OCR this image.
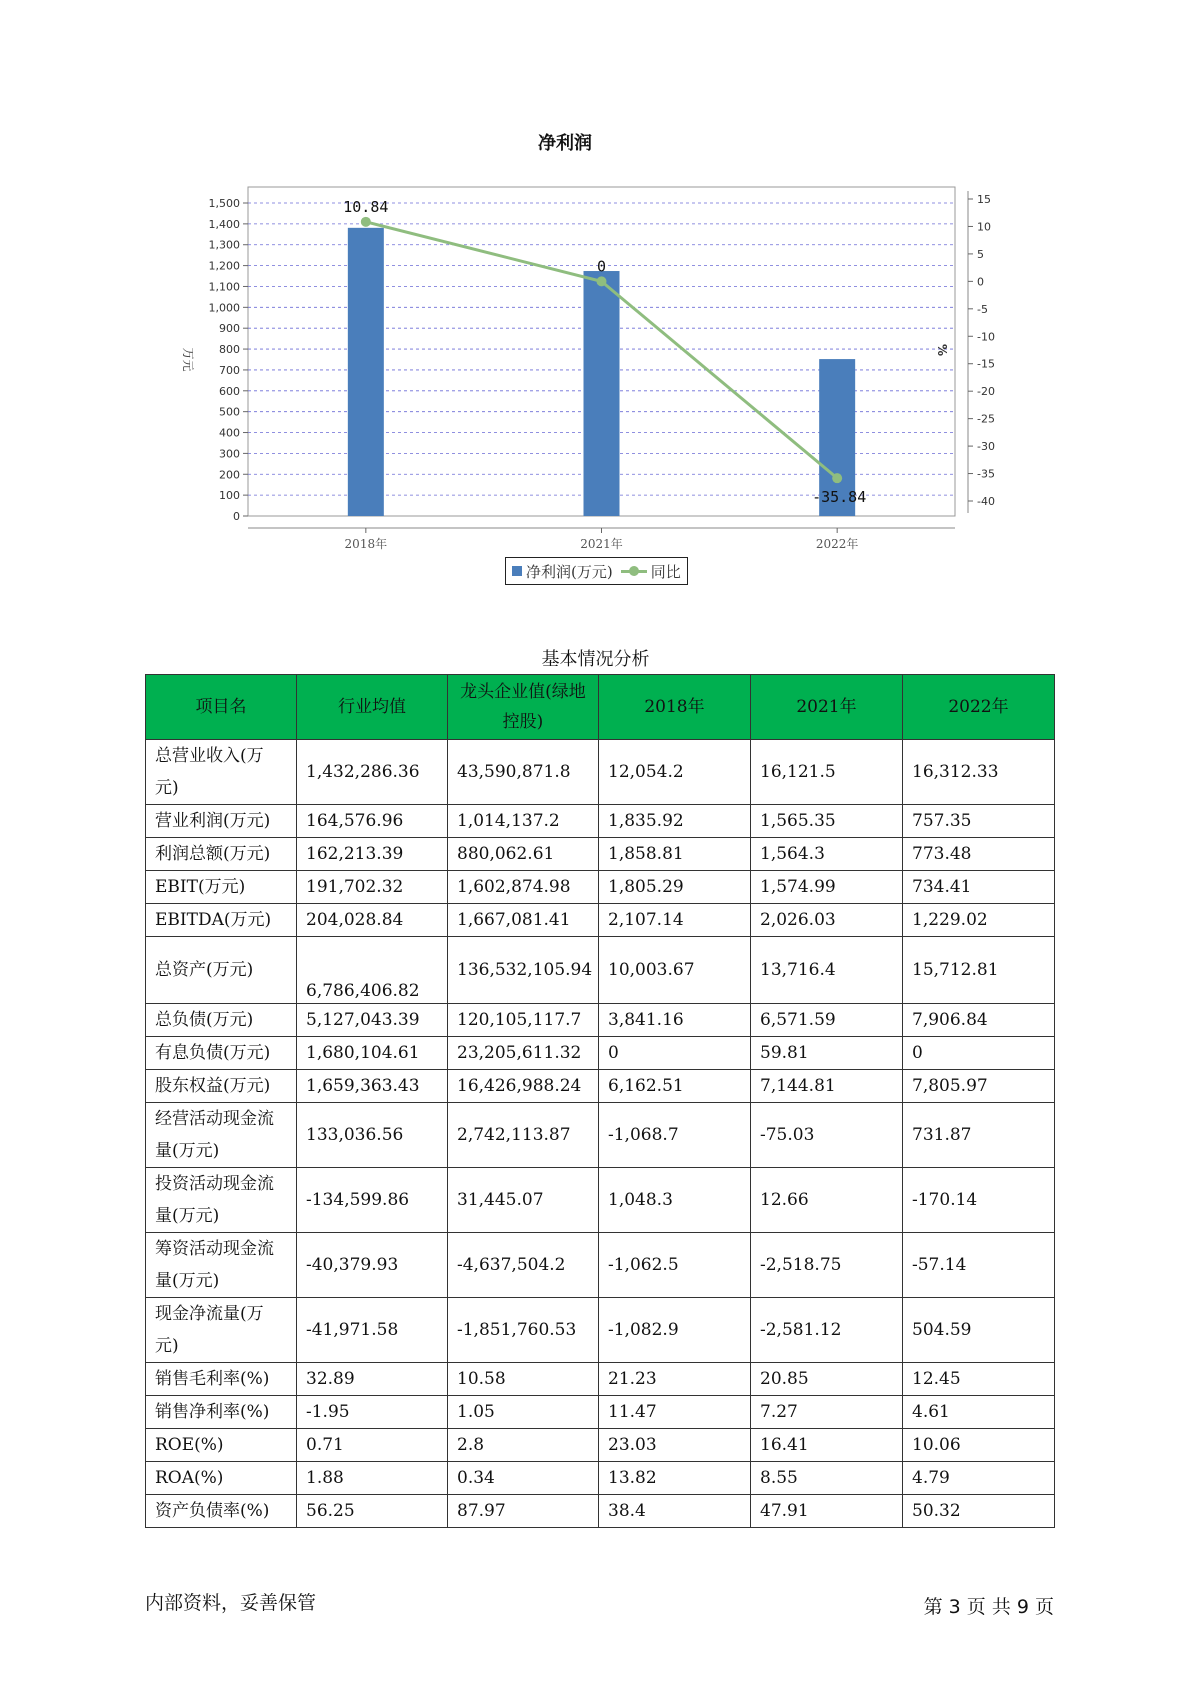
净利润
0
100
200
300
400
500
600
700
800
900
1,000
1,100
1,200
1,300
1,400
1,500
万元
15
10
5
0
-5
-10
-15
-20
-25
-30
-35
-40
%
2018年	2021年	2022年
10.84
0
-35.84
净利润(万元)	同比
基本情况分析
项目名	行业均值	龙头企业值(绿地控股)	2018年	2021年	2022年
总营业收入(万元)	1,432,286.36	43,590,871.8	12,054.2	16,121.5	16,312.33
营业利润(万元)	164,576.96	1,014,137.2	1,835.92	1,565.35	757.35
利润总额(万元)	162,213.39	880,062.61	1,858.81	1,564.3	773.48
EBIT(万元)	191,702.32	1,602,874.98	1,805.29	1,574.99	734.41
EBITDA(万元)	204,028.84	1,667,081.41	2,107.14	2,026.03	1,229.02
总资产(万元)	6,786,406.82	136,532,105.94	10,003.67	13,716.4	15,712.81
总负债(万元)	5,127,043.39	120,105,117.7	3,841.16	6,571.59	7,906.84
有息负债(万元)	1,680,104.61	23,205,611.32	0	59.81	0
股东权益(万元)	1,659,363.43	16,426,988.24	6,162.51	7,144.81	7,805.97
经营活动现金流量(万元)	133,036.56	2,742,113.87	-1,068.7	-75.03	731.87
投资活动现金流量(万元)	-134,599.86	31,445.07	1,048.3	12.66	-170.14
筹资活动现金流量(万元)	-40,379.93	-4,637,504.2	-1,062.5	-2,518.75	-57.14
现金净流量(万元)	-41,971.58	-1,851,760.53	-1,082.9	-2,581.12	504.59
销售毛利率(%)	32.89	10.58	21.23	20.85	12.45
销售净利率(%)	-1.95	1.05	11.47	7.27	4.61
ROE(%)	0.71	2.8	23.03	16.41	10.06
ROA(%)	1.88	0.34	13.82	8.55	4.79
资产负债率(%)	56.25	87.97	38.4	47.91	50.32
内部资料，妥善保管	第 3 页 共 9 页
